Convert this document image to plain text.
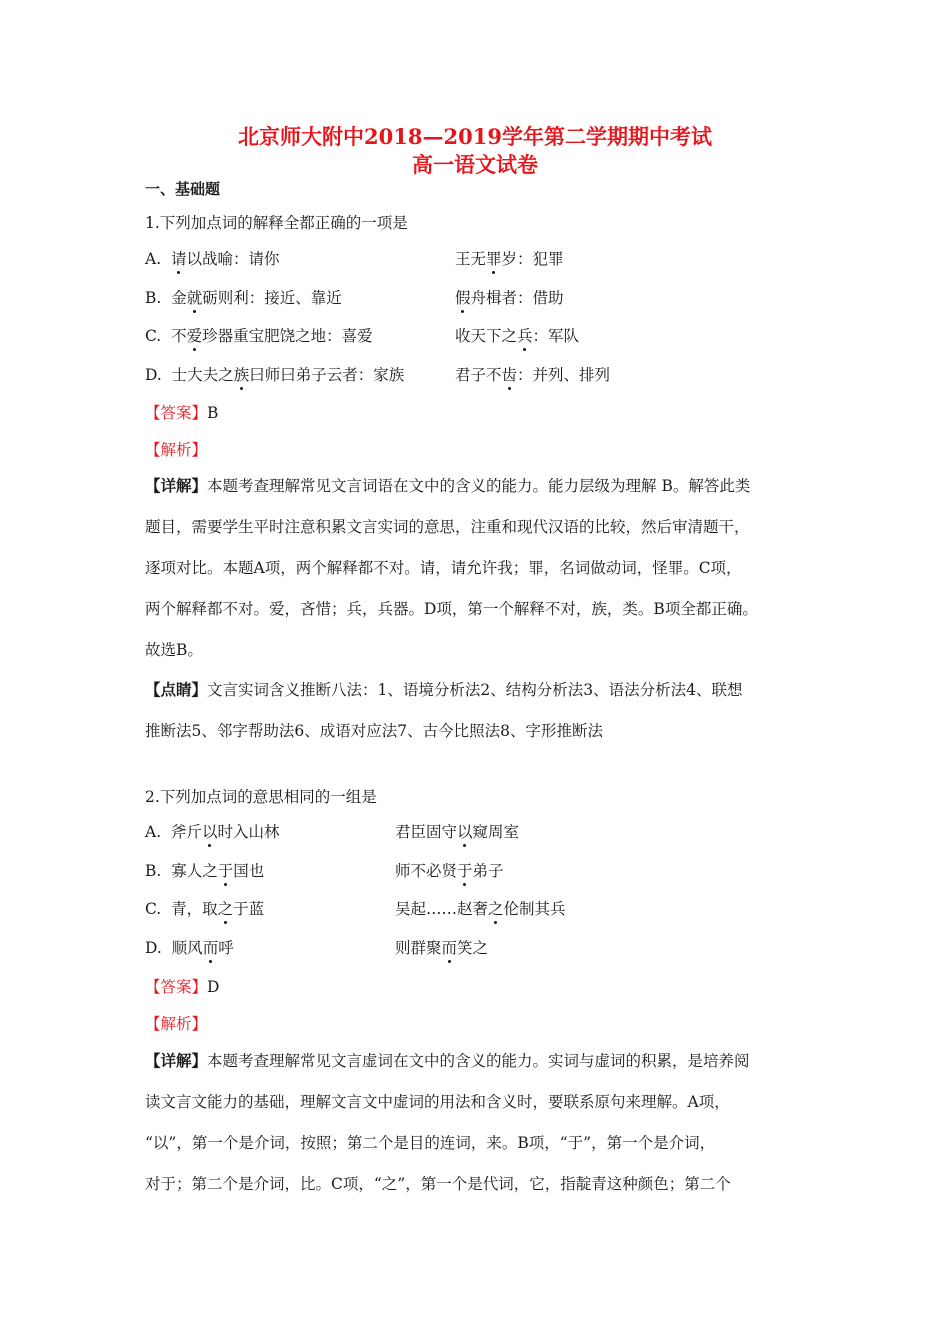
北京师大附中2018—2019学年第二学期期中考试
高一语文试卷
一、基础题
1.下列加点词的解释全都正确的一项是
A. 请以战喻：请你	王无罪岁：犯罪
B. 金就砺则利：接近、靠近	假舟楫者：借助
C. 不爱珍器重宝肥饶之地：喜爱	收天下之兵：军队
D. 士大夫之族曰师曰弟子云者：家族	君子不齿：并列、排列
【答案】B
【解析】
【详解】本题考查理解常见文言词语在文中的含义的能力。能力层级为理解 B。解答此类
题目，需要学生平时注意积累文言实词的意思，注重和现代汉语的比较，然后审清题干，
逐项对比。本题A项，两个解释都不对。请，请允许我；罪，名词做动词，怪罪。C项，
两个解释都不对。爱，吝惜；兵，兵器。D项，第一个解释不对，族，类。B项全都正确。
故选B。
【点睛】文言实词含义推断八法：1、语境分析法2、结构分析法3、语法分析法4、联想
推断法5、邻字帮助法6、成语对应法7、古今比照法8、字形推断法
2.下列加点词的意思相同的一组是
A. 斧斤以时入山林	君臣固守以窥周室
B. 寡人之于国也	师不必贤于弟子
C. 青，取之于蓝	吴起……赵奢之伦制其兵
D. 顺风而呼	则群聚而笑之
【答案】D
【解析】
【详解】本题考查理解常见文言虚词在文中的含义的能力。实词与虚词的积累，是培养阅
读文言文能力的基础，理解文言文中虚词的用法和含义时，要联系原句来理解。A项，
“以”，第一个是介词，按照；第二个是目的连词，来。B项，“于”，第一个是介词，
对于；第二个是介词，比。C项，“之”，第一个是代词，它，指靛青这种颜色；第二个
